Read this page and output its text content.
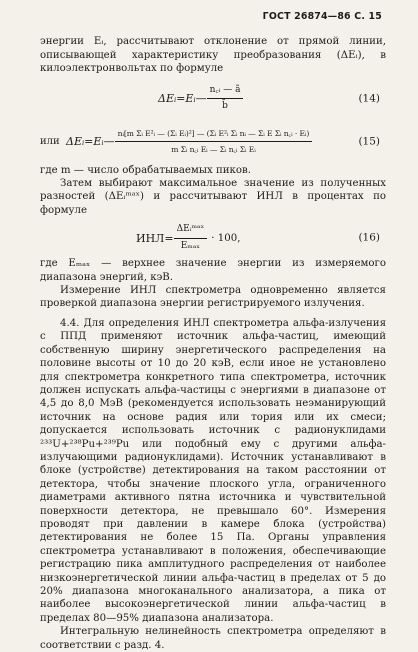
ГОСТ 26874—86 С. 15

энергии Eᵢ, рассчитывают отклонение от прямой линии, описывающей характеристику преобразования (ΔEᵢ), в килоэлектронвольтах по формуле

ΔEᵢ=Eᵢ— $\frac{\text{n꜀ᵢ — ã}}{b̃}$	(14)
или ΔEᵢ=Eᵢ— $\frac{\text{nᵢ[m Σᵢ E²ᵢ — (Σᵢ Eᵢ)²] — (Σᵢ E²ᵢ Σᵢ nᵢ — Σᵢ E Σᵢ n꜀ᵢ · Eᵢ)}}{\text{m Σᵢ n꜀ᵢ Eᵢ — Σᵢ n꜀ᵢ Σᵢ Eᵢ}}$	(15)

где m — число обрабатываемых пиков.

Затем выбирают максимальное значение из полученных разностей (ΔEᵢᵐᵃˣ) и рассчитывают ИНЛ в процентах по формуле

$ИНЛ= \frac{\text{ΔEᵢᵐᵃˣ}}{\text{Eₘₐₓ}} \cdot 100$,	(16)

где Eₘₐₓ — верхнее значение энергии из измеряемого диапазона энергий, кэВ.

Измерение ИНЛ спектрометра одновременно является проверкой диапазона энергии регистрируемого излучения.

4.4. Для определения ИНЛ спектрометра альфа-излучения с ППД применяют источник альфа-частиц, имеющий собственную ширину энергетического распределения на половине высоты от 10 до 20 кэВ, если иное не установлено для спектрометра конкретного типа спектрометра, источник должен испускать альфа-частицы с энергиями в диапазоне от 4,5 до 8,0 МэВ (рекомендуется использовать неэманирующий источник на основе радия или тория или их смеси; допускается использовать источник с радионуклидами ²³³U+²³⁸Pu+²³⁹Pu или подобный ему с другими альфа-излучающими радионуклидами). Источник устанавливают в блоке (устройстве) детектирования на таком расстоянии от детектора, чтобы значение плоского угла, ограниченного диаметрами активного пятна источника и чувствительной поверхности детектора, не превышало 60°. Измерения проводят при давлении в камере блока (устройства) детектирования не более 15 Па. Органы управления спектрометра устанавливают в положения, обеспечивающие регистрацию пика амплитудного распределения от наиболее низкоэнергетической линии альфа-частиц в пределах от 5 до 20% диапазона многоканального анализатора, а пика от наиболее высокоэнергетической линии альфа-частиц в пределах 80—95% диапазона анализатора.

Интегральную нелинейность спектрометра определяют в соответствии с разд. 4.
